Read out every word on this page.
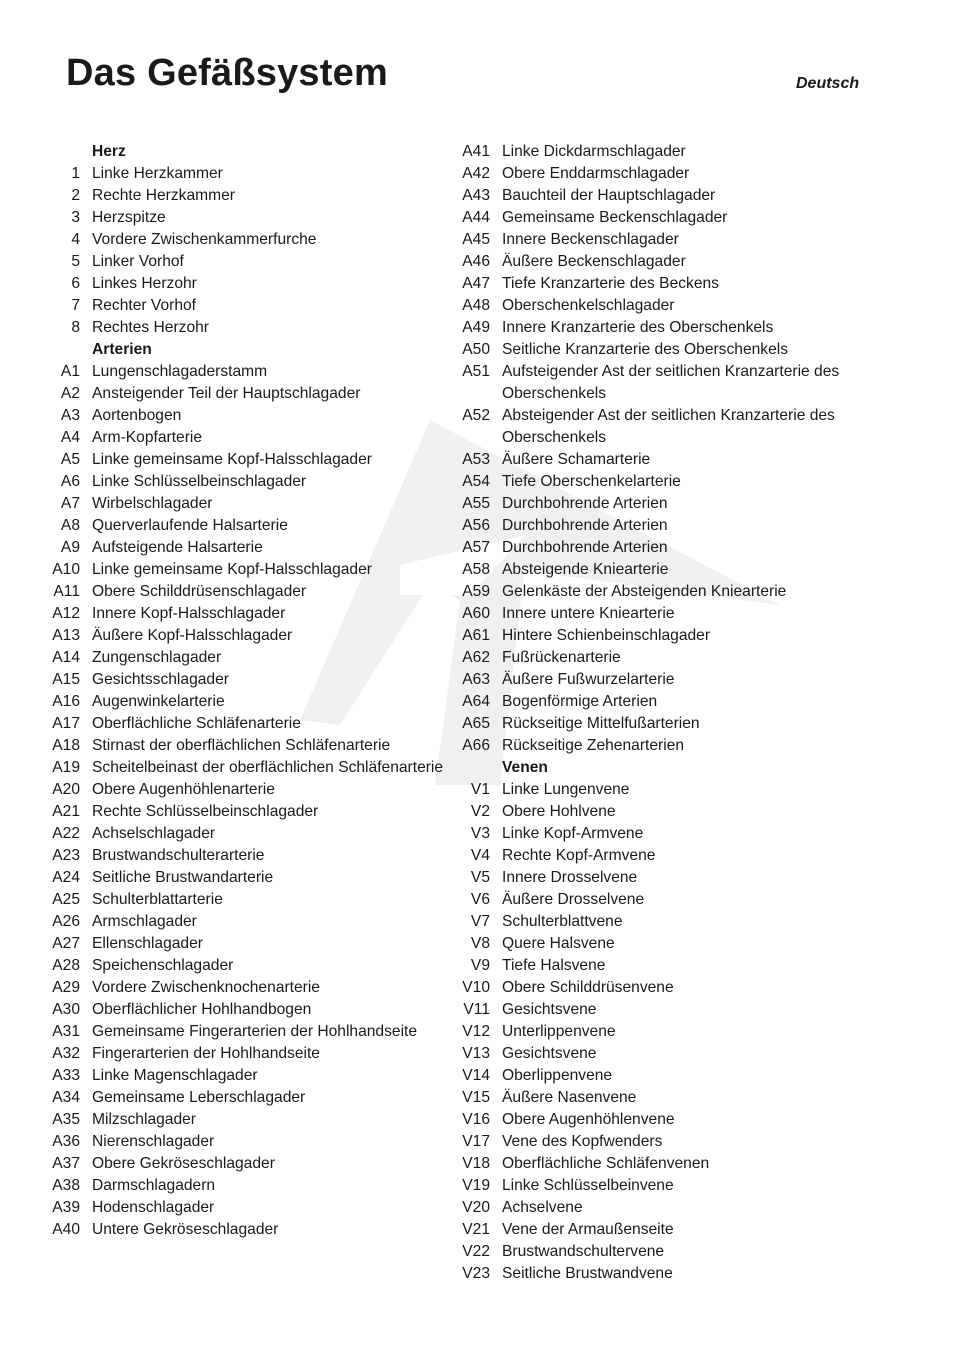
Das Gefäßsystem	Deutsch
Herz
1 Linke Herzkammer
2 Rechte Herzkammer
3 Herzspitze
4 Vordere Zwischenkammerfurche
5 Linker Vorhof
6 Linkes Herzohr
7 Rechter Vorhof
8 Rechtes Herzohr
Arterien
A1 Lungenschlagaderstamm
A2 Ansteigender Teil der Hauptschlagader
A3 Aortenbogen
A4 Arm-Kopfarterie
A5 Linke gemeinsame Kopf-Halsschlagader
A6 Linke Schlüsselbeinschlagader
A7 Wirbelschlagader
A8 Querverlaufende Halsarterie
A9 Aufsteigende Halsarterie
A10 Linke gemeinsame Kopf-Halsschlagader
A11 Obere Schilddrüsenschlagader
A12 Innere Kopf-Halsschlagader
A13 Äußere Kopf-Halsschlagader
A14 Zungenschlagader
A15 Gesichtsschlagader
A16 Augenwinkelarterie
A17 Oberflächliche Schläfenarterie
A18 Stirnast der oberflächlichen Schläfenarterie
A19 Scheitelbeinast der oberflächlichen Schläfenarterie
A20 Obere Augenhöhlenarterie
A21 Rechte Schlüsselbeinschlagader
A22 Achselschlagader
A23 Brustwandschulterarterie
A24 Seitliche Brustwandarterie
A25 Schulterblattarterie
A26 Armschlagader
A27 Ellenschlagader
A28 Speichenschlagader
A29 Vordere Zwischenknochenarterie
A30 Oberflächlicher Hohlhandbogen
A31 Gemeinsame Fingerarterien der Hohlhandseite
A32 Fingerarterien der Hohlhandseite
A33 Linke Magenschlagader
A34 Gemeinsame Leberschlagader
A35 Milzschlagader
A36 Nierenschlagader
A37 Obere Gekröseschlagader
A38 Darmschlagadern
A39 Hodenschlagader
A40 Untere Gekröseschlagader
A41 Linke Dickdarmschlagader
A42 Obere Enddarmschlagader
A43 Bauchteil der Hauptschlagader
A44 Gemeinsame Beckenschlagader
A45 Innere Beckenschlagader
A46 Äußere Beckenschlagader
A47 Tiefe Kranzarterie des Beckens
A48 Oberschenkelschlagader
A49 Innere Kranzarterie des Oberschenkels
A50 Seitliche Kranzarterie des Oberschenkels
A51 Aufsteigender Ast der seitlichen Kranzarterie des Oberschenkels
A52 Absteigender Ast der seitlichen Kranzarterie des Oberschenkels
A53 Äußere Schamarterie
A54 Tiefe Oberschenkelarterie
A55 Durchbohrende Arterien
A56 Durchbohrende Arterien
A57 Durchbohrende Arterien
A58 Absteigende Kniearterie
A59 Gelenkäste der Absteigenden Kniearterie
A60 Innere untere Kniearterie
A61 Hintere Schienbeinschlagader
A62 Fußrückenarterie
A63 Äußere Fußwurzelarterie
A64 Bogenförmige Arterien
A65 Rückseitige Mittelfußarterien
A66 Rückseitige Zehenarterien
Venen
V1 Linke Lungenvene
V2 Obere Hohlvene
V3 Linke Kopf-Armvene
V4 Rechte Kopf-Armvene
V5 Innere Drosselvene
V6 Äußere Drosselvene
V7 Schulterblattvene
V8 Quere Halsvene
V9 Tiefe Halsvene
V10 Obere Schilddrüsenvene
V11 Gesichtsvene
V12 Unterlippenvene
V13 Gesichtsvene
V14 Oberlippenvene
V15 Äußere Nasenvene
V16 Obere Augenhöhlenvene
V17 Vene des Kopfwenders
V18 Oberflächliche Schläfenvenen
V19 Linke Schlüsselbeinvene
V20 Achselvene
V21 Vene der Armaußenseite
V22 Brustwandschultervene
V23 Seitliche Brustwandvene
